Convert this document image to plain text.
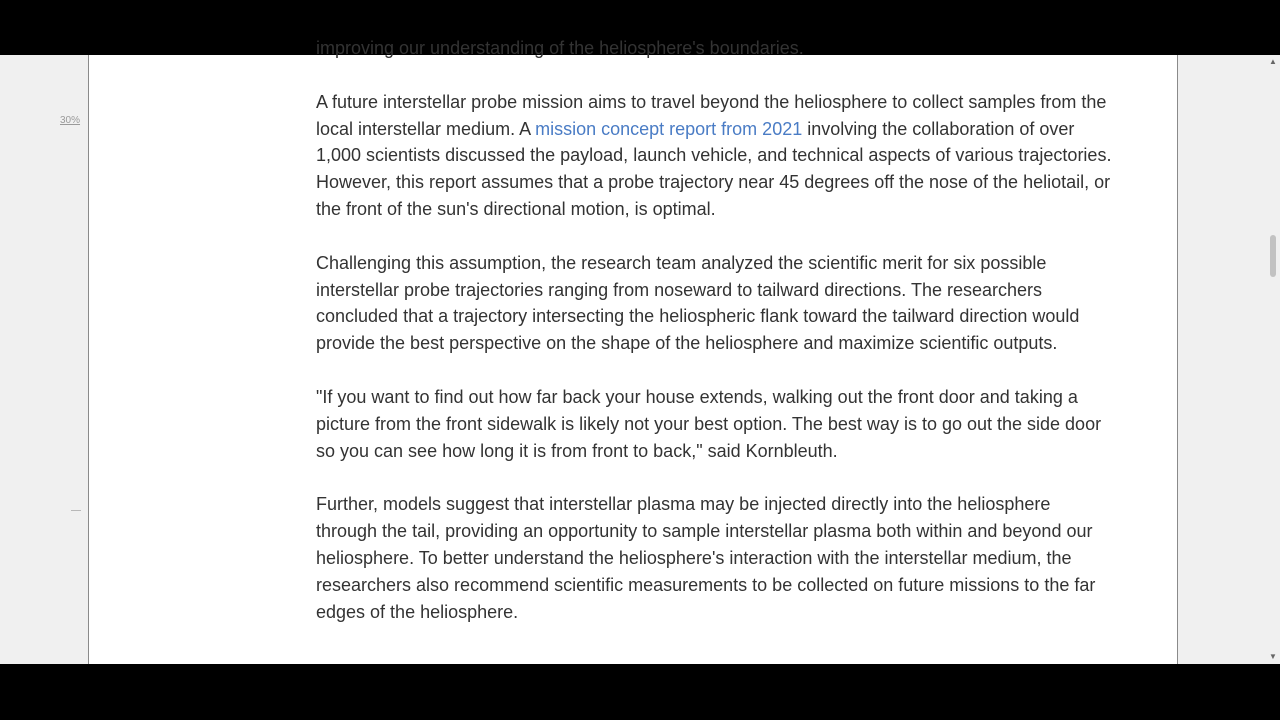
30%

improving our understanding of the heliosphere's boundaries.

A future interstellar probe mission aims to travel beyond the heliosphere to collect samples from the local interstellar medium. A mission concept report from 2021 involving the collaboration of over 1,000 scientists discussed the payload, launch vehicle, and technical aspects of various trajectories. However, this report assumes that a probe trajectory near 45 degrees off the nose of the heliotail, or the front of the sun's directional motion, is optimal.

Challenging this assumption, the research team analyzed the scientific merit for six possible interstellar probe trajectories ranging from noseward to tailward directions. The researchers concluded that a trajectory intersecting the heliospheric flank toward the tailward direction would provide the best perspective on the shape of the heliosphere and maximize scientific outputs.

"If you want to find out how far back your house extends, walking out the front door and taking a picture from the front sidewalk is likely not your best option. The best way is to go out the side door so you can see how long it is from front to back," said Kornbleuth.

Further, models suggest that interstellar plasma may be injected directly into the heliosphere through the tail, providing an opportunity to sample interstellar plasma both within and beyond our heliosphere. To better understand the heliosphere's interaction with the interstellar medium, the researchers also recommend scientific measurements to be collected on future missions to the far edges of the heliosphere.

▲
▼
